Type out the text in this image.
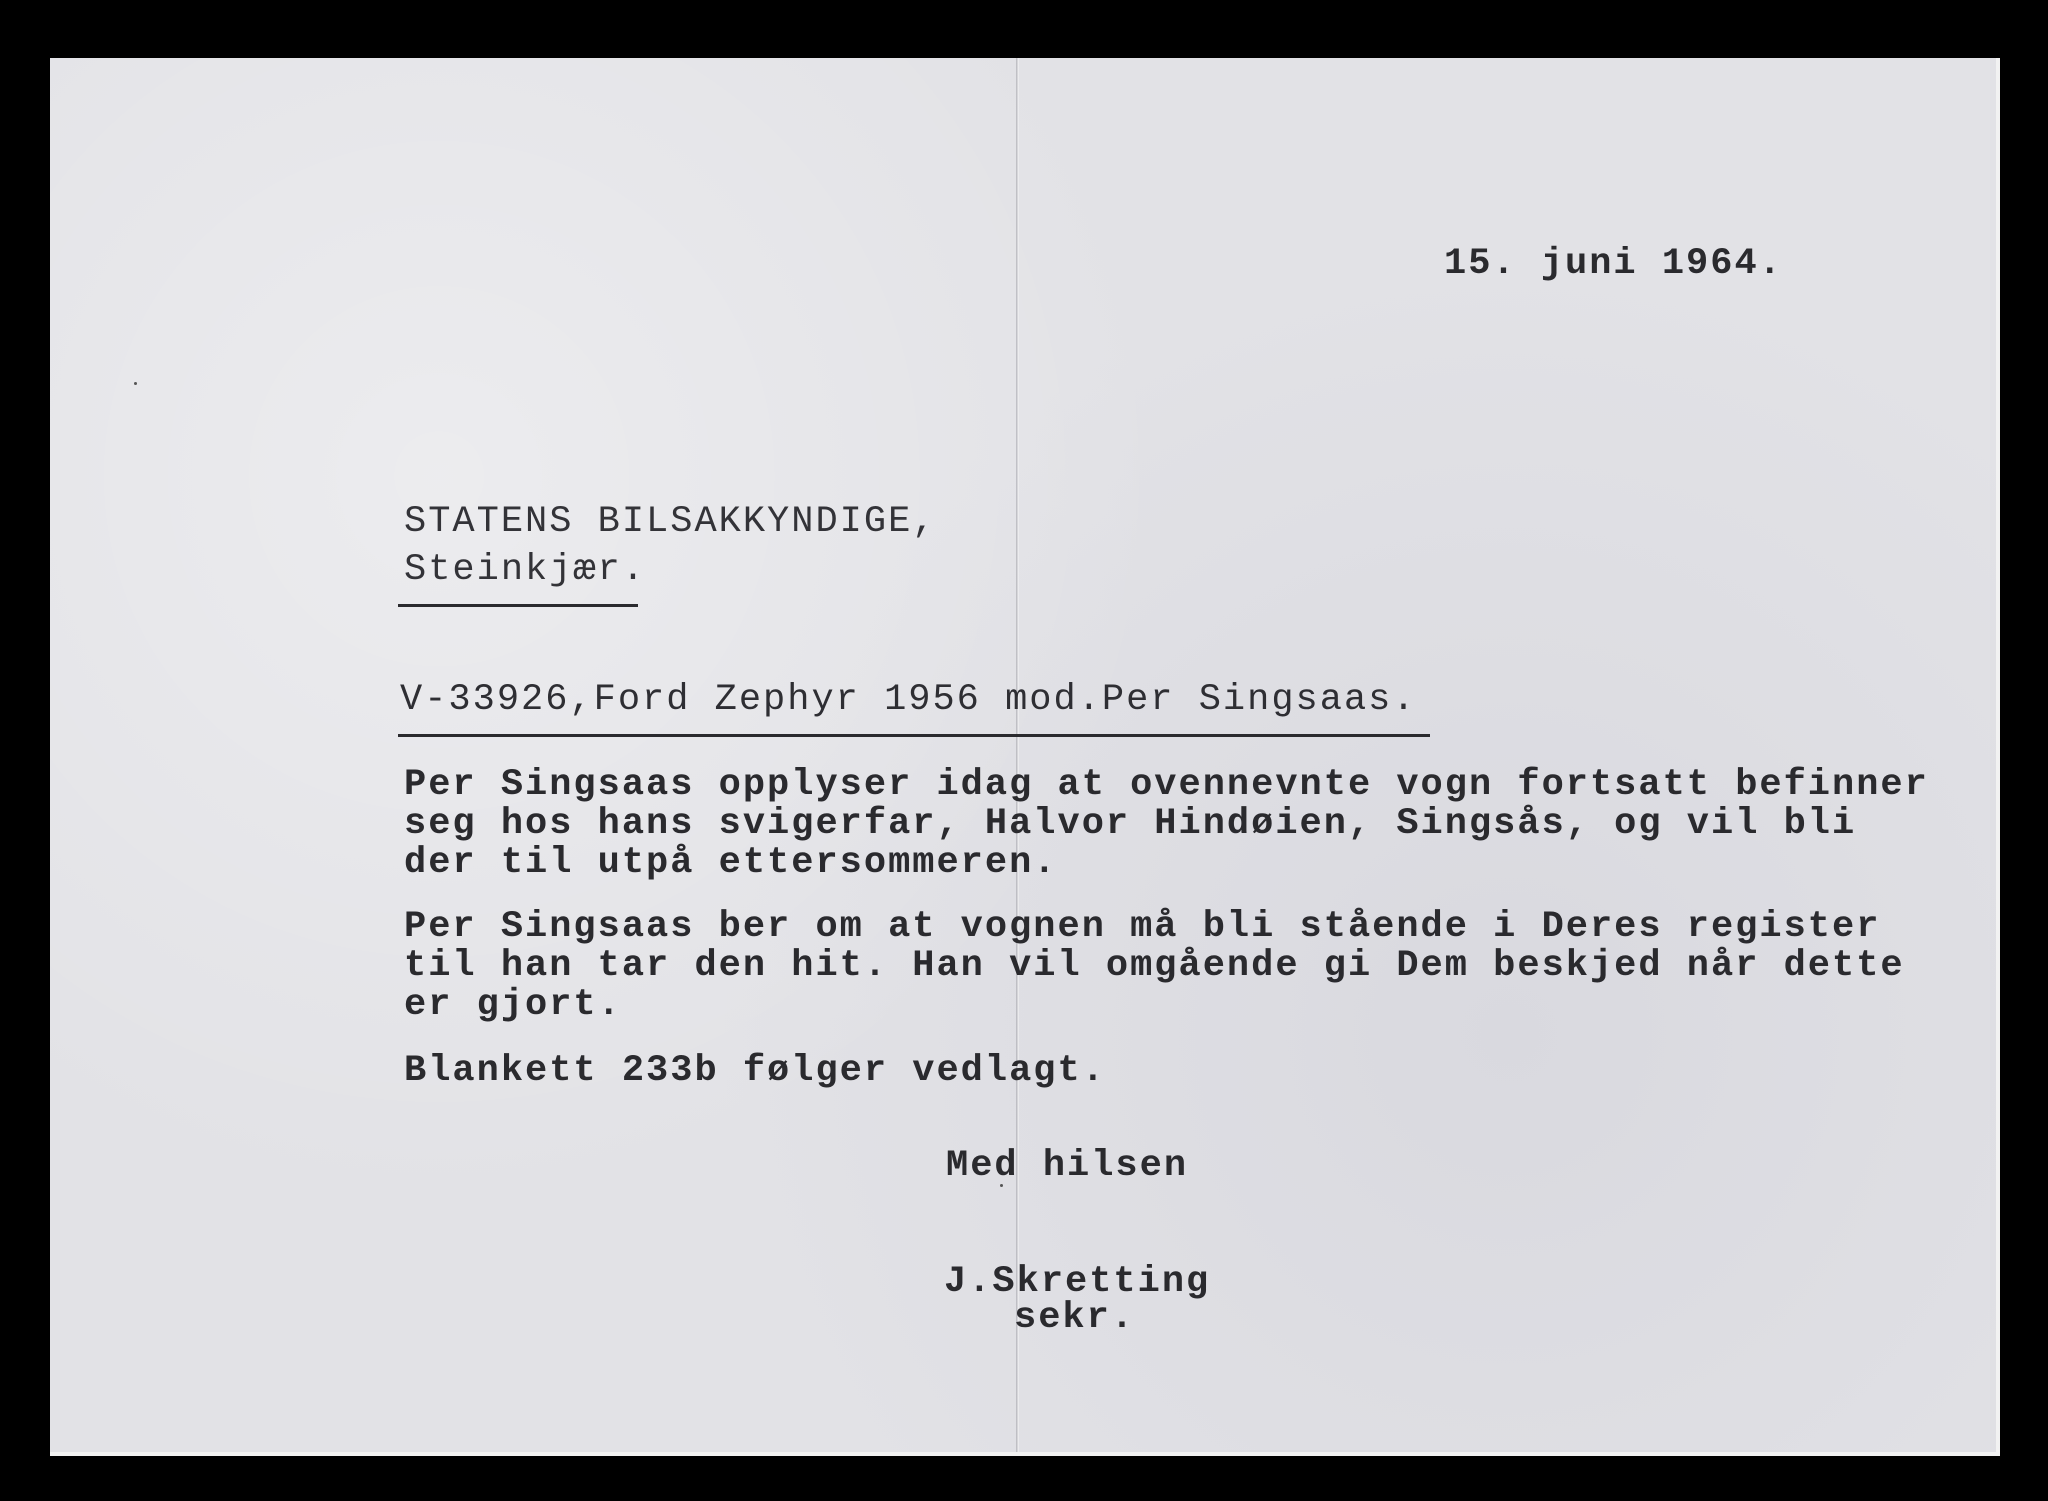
15. juni 1964.
STATENS BILSAKKYNDIGE,
Steinkjær.
V-33926,Ford Zephyr 1956 mod.Per Singsaas.
Per Singsaas opplyser idag at ovennevnte vogn fortsatt befinner
seg hos hans svigerfar, Halvor Hindøien, Singsås, og vil bli
der til utpå ettersommeren.
Per Singsaas ber om at vognen må bli stående i Deres register
til han tar den hit. Han vil omgående gi Dem beskjed når dette
er gjort.
Blankett 233b følger vedlagt.
Med hilsen
J.Skretting
sekr.
